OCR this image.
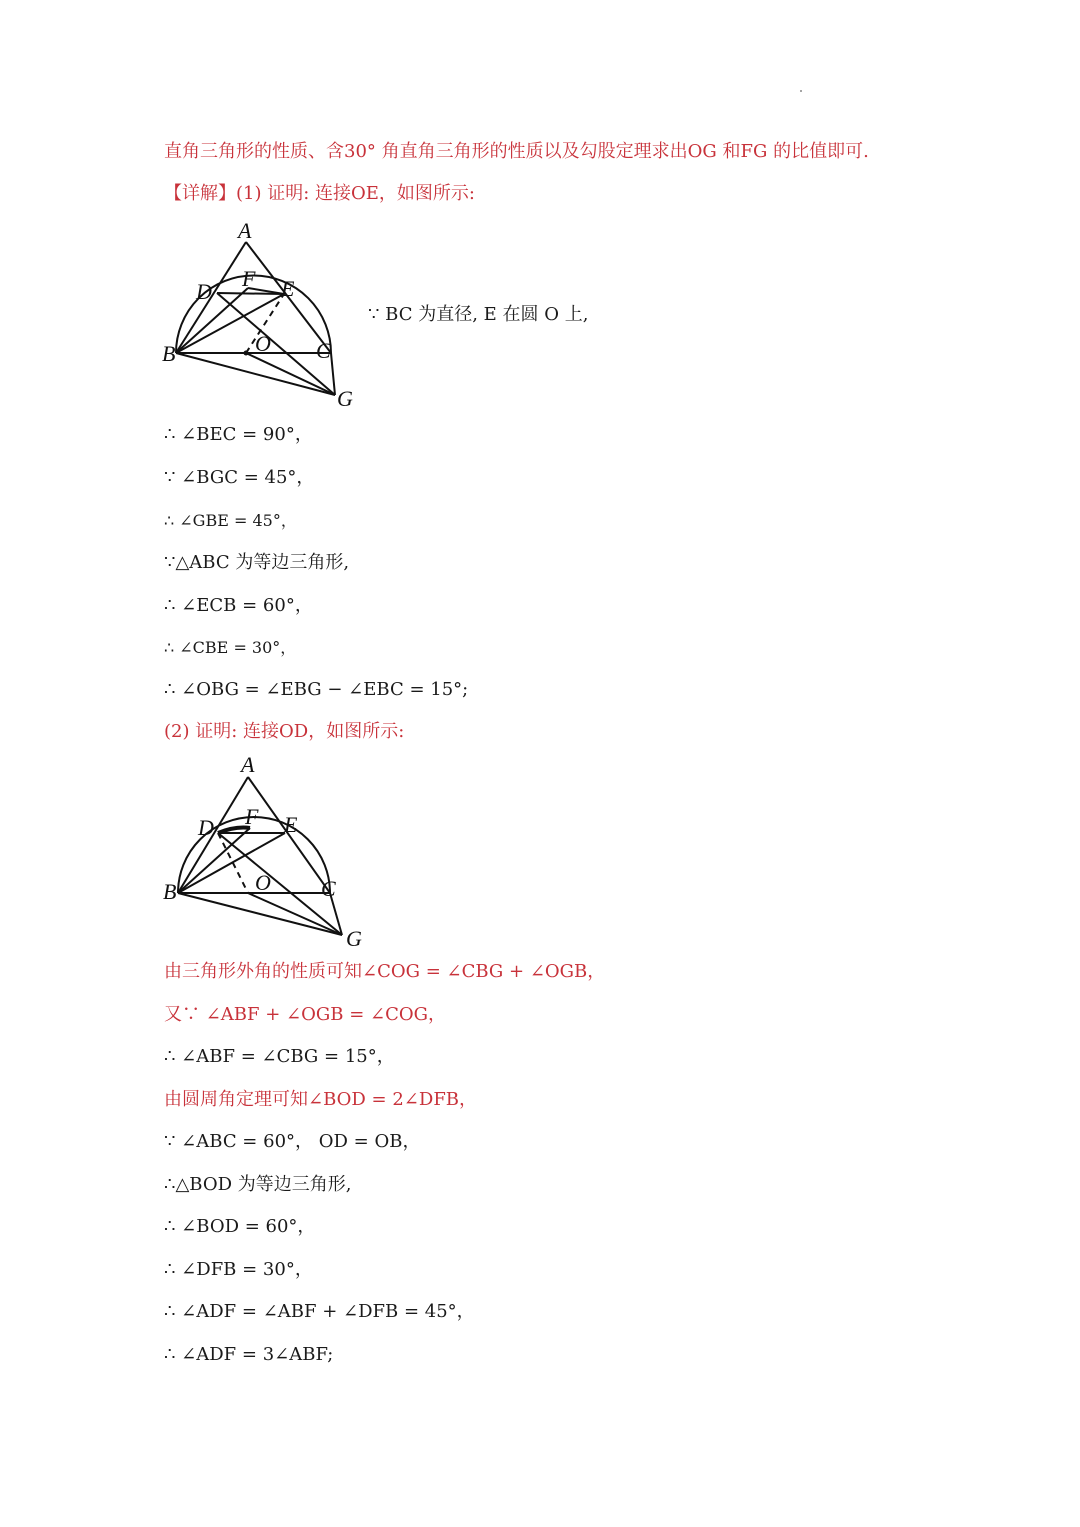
直角三角形的性质、含30° 角直角三角形的性质以及勾股定理求出OG 和FG 的比值即可.
【详解】(1) 证明: 连接OE，如图所示:
A
D
F E
B	O C
G
∵ BC 为直径, E 在圆 O 上,
∴ ∠BEC = 90°，
∵ ∠BGC = 45°，
∴ ∠GBE = 45°，
∵△ABC 为等边三角形,
∴ ∠ECB = 60°，
∴ ∠CBE = 30°，
∴ ∠OBG = ∠EBG − ∠EBC = 15°;
(2) 证明: 连接OD，如图所示:
A
D F E
B	O C
G
由三角形外角的性质可知∠COG = ∠CBG + ∠OGB，
又∵ ∠ABF + ∠OGB = ∠COG，
∴ ∠ABF = ∠CBG = 15°，
由圆周角定理可知∠BOD = 2∠DFB，
∵ ∠ABC = 60°， OD = OB，
∴△BOD 为等边三角形,
∴ ∠BOD = 60°，
∴ ∠DFB = 30°，
∴ ∠ADF = ∠ABF + ∠DFB = 45°，
∴ ∠ADF = 3∠ABF;
